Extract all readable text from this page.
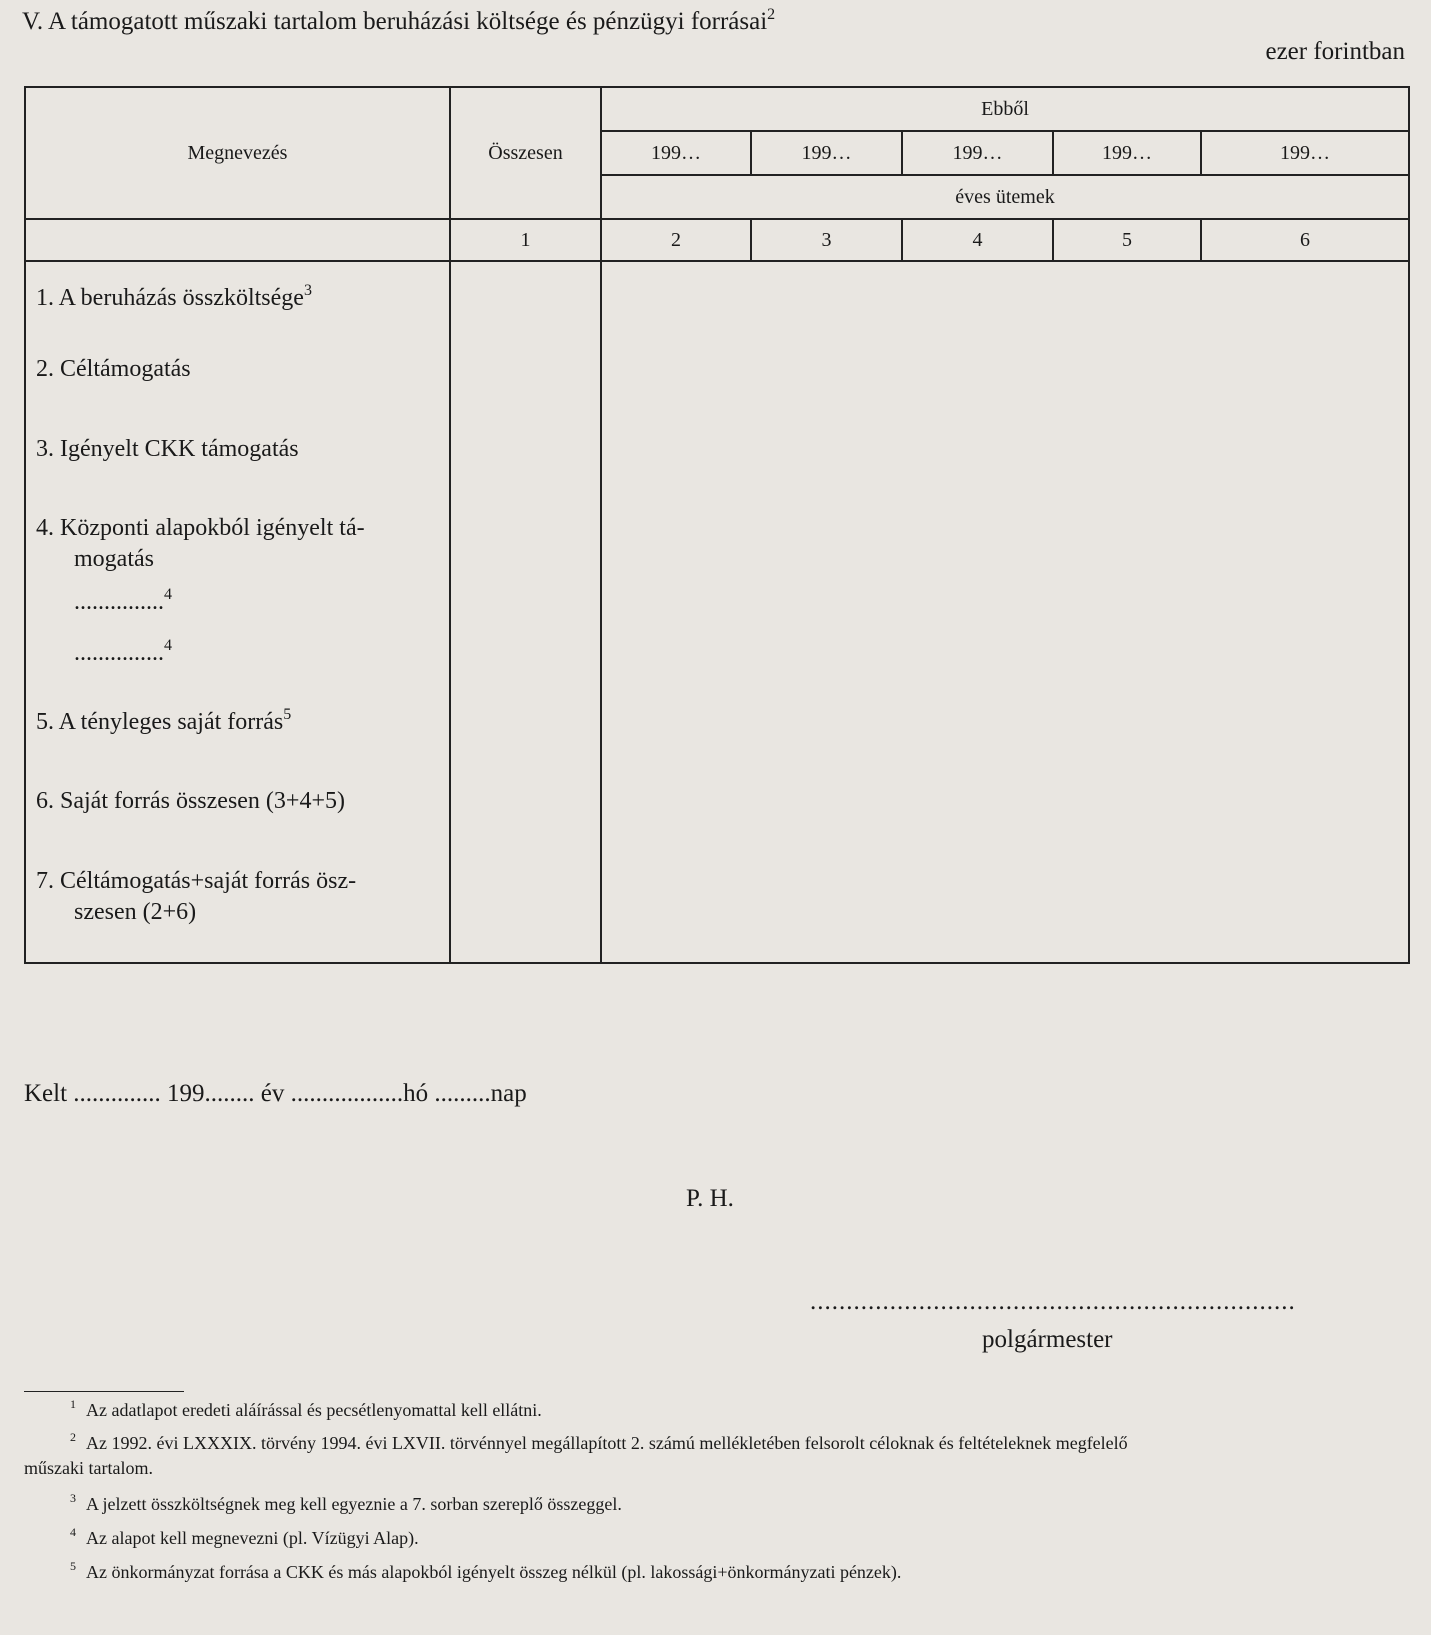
V. A támogatott műszaki tartalom beruházási költsége és pénzügyi forrásai$^2$
ezer forintban
Megnevezés	Összesen	Ebből				
		199…	199…	199…	199…	199…
		éves ütemek				
	1	2	3	4	5	6

1. A beruházás összköltsége$^3$
2. Céltámogatás
3. Igényelt CKK támogatás
4. Központi alapokból igényelt tá-
mogatás
...............$^4$
...............$^4$
5. A tényleges saját forrás$^5$
6. Saját forrás összesen (3+4+5)
7. Céltámogatás+saját forrás ösz-
szesen (2+6)
Kelt .............. 199........ év ..................hó .........nap
P. H.
...................................................................
polgármester
$^1$ Az adatlapot eredeti aláírással és pecsétlenyomattal kell ellátni.
$^2$ Az 1992. évi LXXXIX. törvény 1994. évi LXVII. törvénnyel megállapított 2. számú mellékletében felsorolt céloknak és feltételeknek megfelelő
műszaki tartalom.
$^3$ A jelzett összköltségnek meg kell egyeznie a 7. sorban szereplő összeggel.
$^4$ Az alapot kell megnevezni (pl. Vízügyi Alap).
$^5$ Az önkormányzat forrása a CKK és más alapokból igényelt összeg nélkül (pl. lakossági+önkormányzati pénzek).
